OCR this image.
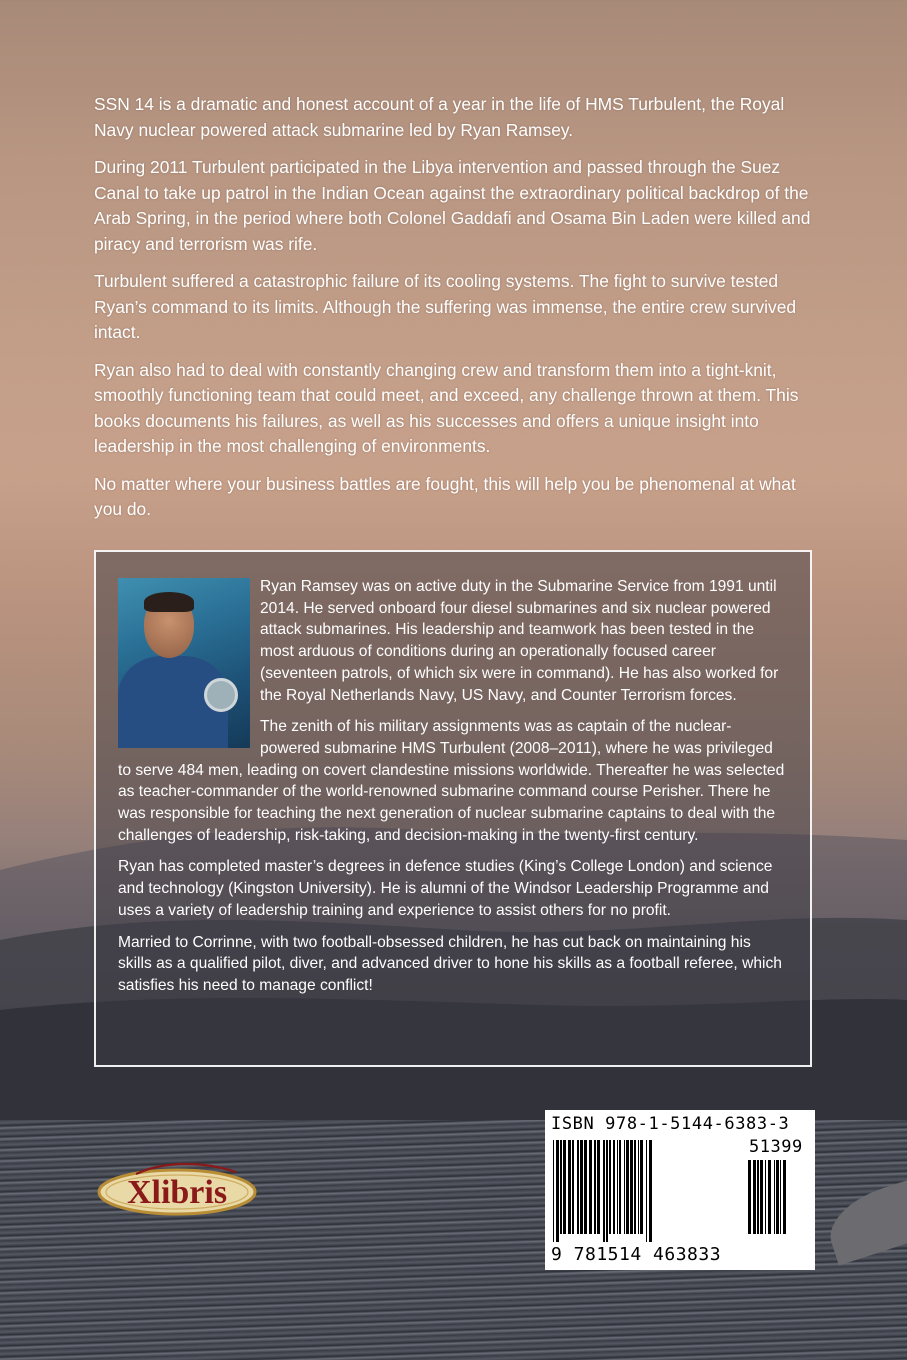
SSN 14 is a dramatic and honest account of a year in the life of HMS Turbulent, the Royal Navy nuclear powered attack submarine led by Ryan Ramsey.

During 2011 Turbulent participated in the Libya intervention and passed through the Suez Canal to take up patrol in the Indian Ocean against the extraordinary political backdrop of the Arab Spring, in the period where both Colonel Gaddafi and Osama Bin Laden were killed and piracy and terrorism was rife.

Turbulent suffered a catastrophic failure of its cooling systems. The fight to survive tested Ryan’s command to its limits. Although the suffering was immense, the entire crew survived intact.

Ryan also had to deal with constantly changing crew and transform them into a tight-knit, smoothly functioning team that could meet, and exceed, any challenge thrown at them. This books documents his failures, as well as his successes and offers a unique insight into leadership in the most challenging of environments.

No matter where your business battles are fought, this will help you be phenomenal at what you do.

Ryan Ramsey was on active duty in the Submarine Service from 1991 until 2014. He served onboard four diesel submarines and six nuclear powered attack submarines. His leadership and teamwork has been tested in the most arduous of conditions during an operationally focused career (seventeen patrols, of which six were in command). He has also worked for the Royal Netherlands Navy, US Navy, and Counter Terrorism forces.

The zenith of his military assignments was as captain of the nuclear-powered submarine HMS Turbulent (2008–2011), where he was privileged to serve 484 men, leading on covert clandestine missions worldwide. Thereafter he was selected as teacher-commander of the world-renowned submarine command course Perisher. There he was responsible for teaching the next generation of nuclear submarine captains to deal with the challenges of leadership, risk-taking, and decision-making in the twenty-first century.

Ryan has completed master’s degrees in defence studies (King’s College London) and science and technology (Kingston University). He is alumni of the Windsor Leadership Programme and uses a variety of leadership training and experience to assist others for no profit.

Married to Corrinne, with two football-obsessed children, he has cut back on maintaining his skills as a qualified pilot, diver, and advanced driver to hone his skills as a football referee, which satisfies his need to manage conflict!

Xlibris
ISBN 978-1-5144-6383-3
51399
9 781514 463833
